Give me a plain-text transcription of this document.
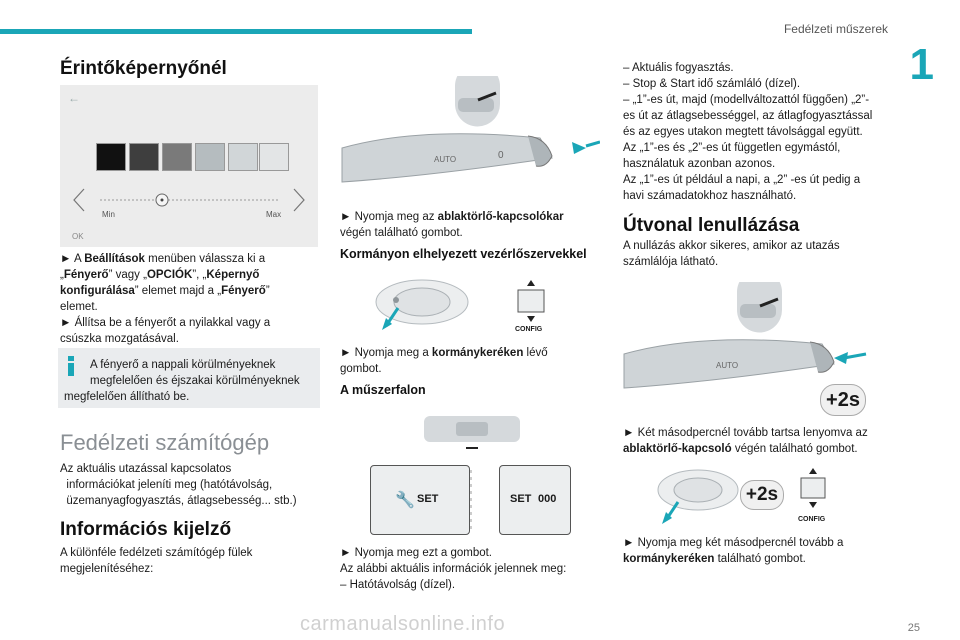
Fedélzeti műszerek
1
25
carmanualsonline.info
Érintőképernyőnél
←
Min	Max
OK

► A Beállítások menüben válassza ki a
„Fényerő” vagy „OPCIÓK”, „Képernyő
konfigurálása” elemet majd a „Fényerő”
elemet.

► Állítsa be a fényerőt a nyilakkal vagy a
csúszka mozgatásával.

A fényerő a nappali körülményeknek
megfelelően és éjszakai körülményeknek
megfelelően állítható be.
Fedélzeti számítógép

Az aktuális utazással kapcsolatos
információkat jeleníti meg (hatótávolság,
üzemanyagfogyasztás, átlagsebesség... stb.)

Információs kijelző

A különféle fedélzeti számítógép fülek
megjelenítéséhez:

AUTO	0

► Nyomja meg az ablaktörlő-kapcsolókar
végén található gombot.

Kormányon elhelyezett vezérlőszervekkel
CONFIG

► Nyomja meg a kormánykeréken lévő
gombot.

A műszerfalon
🔧 SET	SET 000

► Nyomja meg ezt a gombot.
Az alábbi aktuális információk jelennek meg:
– Hatótávolság (dízel).

– Aktuális fogyasztás.
– Stop & Start idő számláló (dízel).
– „1”-es út, majd (modellváltozattól függően) „2”-
es út az átlagsebességgel, az átlagfogyasztással
és az egyes utakon megtett távolsággal együtt.
Az „1”-es és „2”-es út független egymástól,
használatuk azonban azonos.
Az „1”-es út például a napi, a „2” -es út pedig a
havi számadatokhoz használható.

Útvonal lenullázása

A nullázás akkor sikeres, amikor az utazás
számlálója látható.

AUTO
+2s

► Két másodpercnél tovább tartsa lenyomva az
ablaktörlő-kapcsoló végén található gombot.

+2s
CONFIG

► Nyomja meg két másodpercnél tovább a
kormánykeréken található gombot.
